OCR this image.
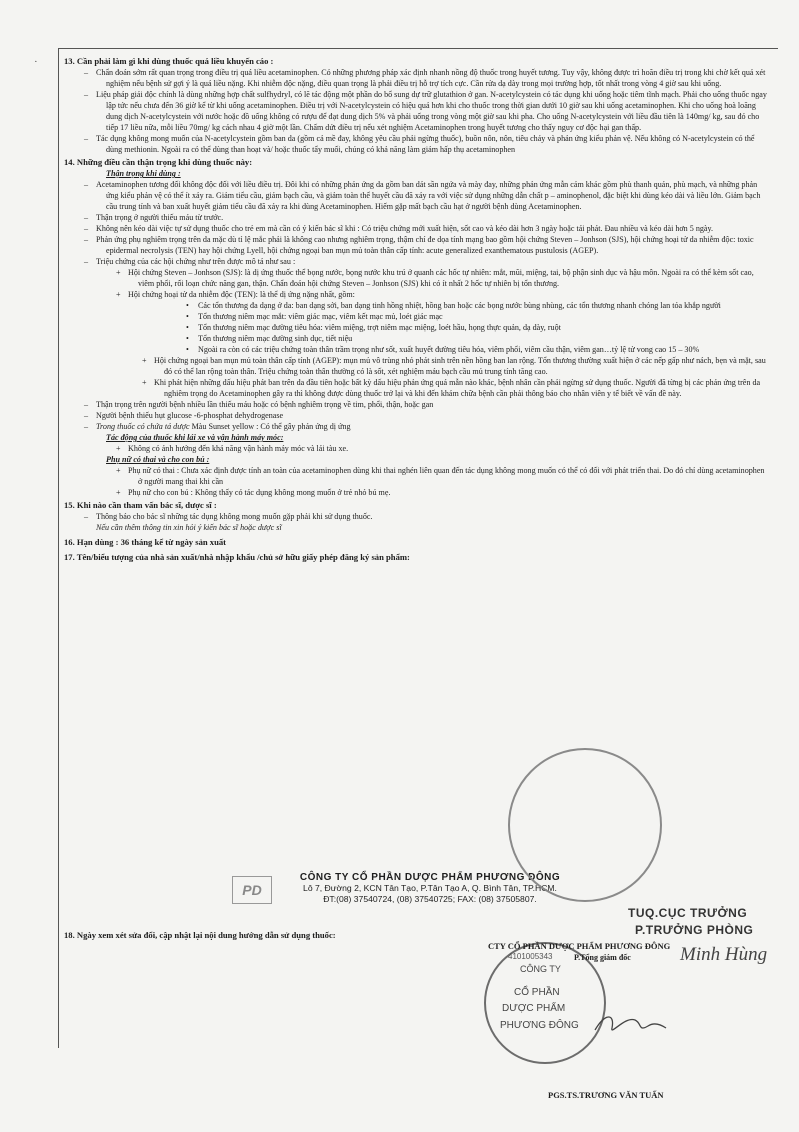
·	13. Cần phải làm gì khi dùng thuốc quá liều khuyến cáo :
– Chẩn đoán sớm rất quan trọng trong điều trị quá liều acetaminophen. Có những phương pháp xác định nhanh nồng độ thuốc trong huyết tương. Tuy vậy, không được trì hoãn điều trị trong khi chờ kết quả xét nghiệm nếu bệnh sử gợi ý là quá liều nặng. Khi nhiễm độc nặng, điều quan trọng là phải điều trị hỗ trợ tích cực. Cần rửa dạ dày trong mọi trường hợp, tốt nhất trong vòng 4 giờ sau khi uống.
– Liệu pháp giải độc chính là dùng những hợp chất sulfhydryl, có lẽ tác động một phần do bổ sung dự trữ glutathion ở gan. N-acetylcystein có tác dụng khi uống hoặc tiêm tĩnh mạch. Phải cho uống thuốc ngay lập tức nếu chưa đến 36 giờ kể từ khi uống acetaminophen. Điều trị với N-acetylcystein có hiệu quả hơn khi cho thuốc trong thời gian dưới 10 giờ sau khi uống acetaminophen. Khi cho uống hoà loãng dung dịch N-acetylcystein với nước hoặc đồ uống không có rượu để đạt dung dịch 5% và phải uống trong vòng một giờ sau khi pha. Cho uống N-acetylcystein với liều đầu tiên là 140mg/ kg, sau đó cho tiếp 17 liều nữa, mỗi liều 70mg/ kg cách nhau 4 giờ một lần. Chấm dứt điều trị nếu xét nghiệm Acetaminophen trong huyết tương cho thấy nguy cơ độc hại gan thấp.
– Tác dụng không mong muốn của N-acetylcystein gồm ban da (gồm cả mề đay, không yêu cầu phải ngừng thuốc), buồn nôn, nôn, tiêu chảy và phản ứng kiểu phản vệ. Nếu không có N-acetylcystein có thể dùng methionin. Ngoài ra có thể dùng than hoạt và/ hoặc thuốc tẩy muối, chúng có khả năng làm giảm hấp thụ acetaminophen
14. Những điều cần thận trọng khi dùng thuốc này:
Thận trọng khi dùng :
– Acetaminophen tương đối không độc đối với liều điều trị. Đôi khi có những phản ứng da gồm ban dát sần ngứa và mày đay, những phản ứng mẫn cảm khác gồm phù thanh quản, phù mạch, và những phản ứng kiểu phản vệ có thể ít xảy ra. Giảm tiểu cầu, giảm bạch cầu, và giảm toàn thể huyết cầu đã xảy ra với việc sử dụng những dẫn chất p – aminophenol, đặc biệt khi dùng kéo dài và liều lớn. Giảm bạch cầu trung tính và ban xuất huyết giảm tiểu cầu đã xảy ra khi dùng Acetaminophen. Hiếm gặp mất bạch cầu hạt ở người bệnh dùng Acetaminophen.
– Thận trọng ở người thiếu máu từ trước.
– Không nên kéo dài việc tự sử dụng thuốc cho trẻ em mà cần có ý kiến bác sĩ khi : Có triệu chứng mới xuất hiện, sốt cao và kéo dài hơn 3 ngày hoặc tái phát. Đau nhiều và kéo dài hơn 5 ngày.
– Phản ứng phụ nghiêm trọng trên da mặc dù tỉ lệ mắc phải là không cao nhưng nghiêm trọng, thậm chí đe dọa tính mạng bao gồm hội chứng Steven – Jonhson (SJS), hội chứng hoại tử da nhiễm độc: toxic epidermal necrolysis (TEN) hay hội chứng Lyell, hội chứng ngoại ban mụn mủ toàn thân cấp tính: acute generalized exanthematous pustulosis (AGEP).
– Triệu chứng của các hội chứng như trên được mô tả như sau :
+ Hội chứng Steven – Jonhson (SJS): là dị ứng thuốc thể bọng nước, bọng nước khu trú ở quanh các hốc tự nhiên: mắt, mũi, miệng, tai, bộ phận sinh dục và hậu môn. Ngoài ra có thể kèm sốt cao, viêm phổi, rối loạn chức năng gan, thận. Chẩn đoán hội chứng Steven – Jonhson (SJS) khi có ít nhất 2 hốc tự nhiên bị tổn thương.
+ Hội chứng hoại tử da nhiễm độc (TEN): là thể dị ứng nặng nhất, gồm:
• Các tổn thương đa dạng ở da: ban dạng sởi, ban dạng tinh hồng nhiệt, hồng ban hoặc các bọng nước bùng nhùng, các tổn thương nhanh chóng lan tỏa khắp người
• Tổn thương niêm mạc mắt: viêm giác mạc, viêm kết mạc mủ, loét giác mạc
• Tổn thương niêm mạc đường tiêu hóa: viêm miệng, trợt niêm mạc miệng, loét hầu, họng thực quản, dạ dày, ruột
• Tổn thương niêm mạc đường sinh dục, tiết niệu
• Ngoài ra còn có các triệu chứng toàn thân trầm trọng như sốt, xuất huyết đường tiêu hóa, viêm phổi, viêm cầu thận, viêm gan…tỷ lệ tử vong cao 15 – 30%
+ Hội chứng ngoại ban mụn mủ toàn thân cấp tính (AGEP): mụn mủ vô trùng nhỏ phát sinh trên nền hồng ban lan rộng. Tổn thương thường xuất hiện ở các nếp gấp như nách, bẹn và mặt, sau đó có thể lan rộng toàn thân. Triệu chứng toàn thân thường có là sốt, xét nghiệm máu bạch cầu mủ trung tính tăng cao.
+ Khi phát hiện những dấu hiệu phát ban trên da đầu tiên hoặc bất kỳ dấu hiệu phản ứng quá mẫn nào khác, bệnh nhân cần phải ngừng sử dụng thuốc. Người đã từng bị các phản ứng trên da nghiêm trọng do Acetaminophen gây ra thì không được dùng thuốc trở lại và khi đến khám chữa bệnh cần phải thông báo cho nhân viên y tế biết về vấn đề này.
– Thận trọng trên người bệnh nhiều lần thiếu máu hoặc có bệnh nghiêm trọng về tim, phổi, thận, hoặc gan
– Người bệnh thiếu hụt glucose -6-phosphat dehydrogenase
– Trong thuốc có chứa tá dược Màu Sunset yellow : Có thể gây phản ứng dị ứng
Tác động của thuốc khi lái xe và vận hành máy móc:
+ Không có ảnh hưởng đến khả năng vận hành máy móc và lái tàu xe.
Phụ nữ có thai và cho con bú :
+ Phụ nữ có thai : Chưa xác định được tính an toàn của acetaminophen dùng khi thai nghén liên quan đến tác dụng không mong muốn có thể có đối với phát triển thai. Do đó chỉ dùng acetaminophen ở người mang thai khi cần
+ Phụ nữ cho con bú : Không thấy có tác dụng không mong muốn ở trẻ nhỏ bú mẹ.
15. Khi nào cần tham vấn bác sĩ, dược sĩ :
– Thông báo cho bác sĩ những tác dụng không mong muốn gặp phải khi sử dụng thuốc.
Nếu cần thêm thông tin xin hỏi ý kiến bác sĩ hoặc dược sĩ
16. Hạn dùng : 36 tháng kể từ ngày sản xuất
17. Tên/biểu tượng của nhà sản xuất/nhà nhập khẩu /chủ sở hữu giấy phép đăng ký sản phẩm:
PD
CÔNG TY CỔ PHẦN DƯỢC PHẨM PHƯƠNG ĐÔNG
Lô 7, Đường 2, KCN Tân Tạo, P.Tân Tạo A, Q. Bình Tân, TP.HCM.
ĐT:(08) 37540724, (08) 37540725; FAX: (08) 37505807.
18. Ngày xem xét sửa đổi, cập nhật lại nội dung hướng dẫn sử dụng thuốc:
TUQ.CỤC TRƯỞNG
P.TRƯỞNG PHÒNG
Minh Hùng
4101005343
CÔNG TY
CỔ PHẦN
DƯỢC PHẨM
PHƯƠNG ĐÔNG
CTY CỔ PHẦN DƯỢC PHẨM PHƯƠNG ĐÔNG
P.Tổng giám đốc
PGS.TS.TRƯƠNG VĂN TUẤN
